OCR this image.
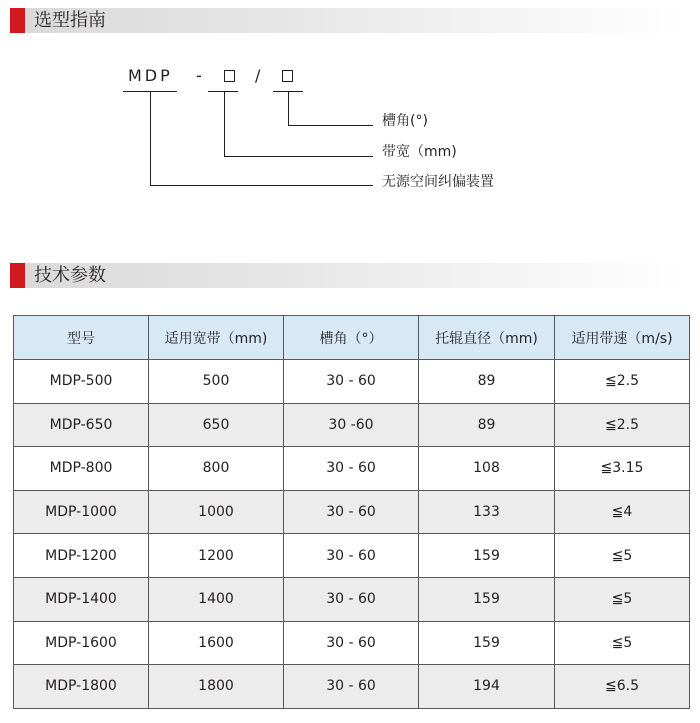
选型指南
MDP -	/
槽角(°)
带宽（mm)
无源空间纠偏装置
技术参数
型号	适用宽带（mm)	槽角（°）	托辊直径（mm)	适用带速（m/s)
MDP-500	500	30 - 60	89	≦2.5
MDP-650	650	30 -60	89	≦2.5
MDP-800	800	30 - 60	108	≦3.15
MDP-1000	1000	30 - 60	133	≦4
MDP-1200	1200	30 - 60	159	≦5
MDP-1400	1400	30 - 60	159	≦5
MDP-1600	1600	30 - 60	159	≦5
MDP-1800	1800	30 - 60	194	≦6.5
